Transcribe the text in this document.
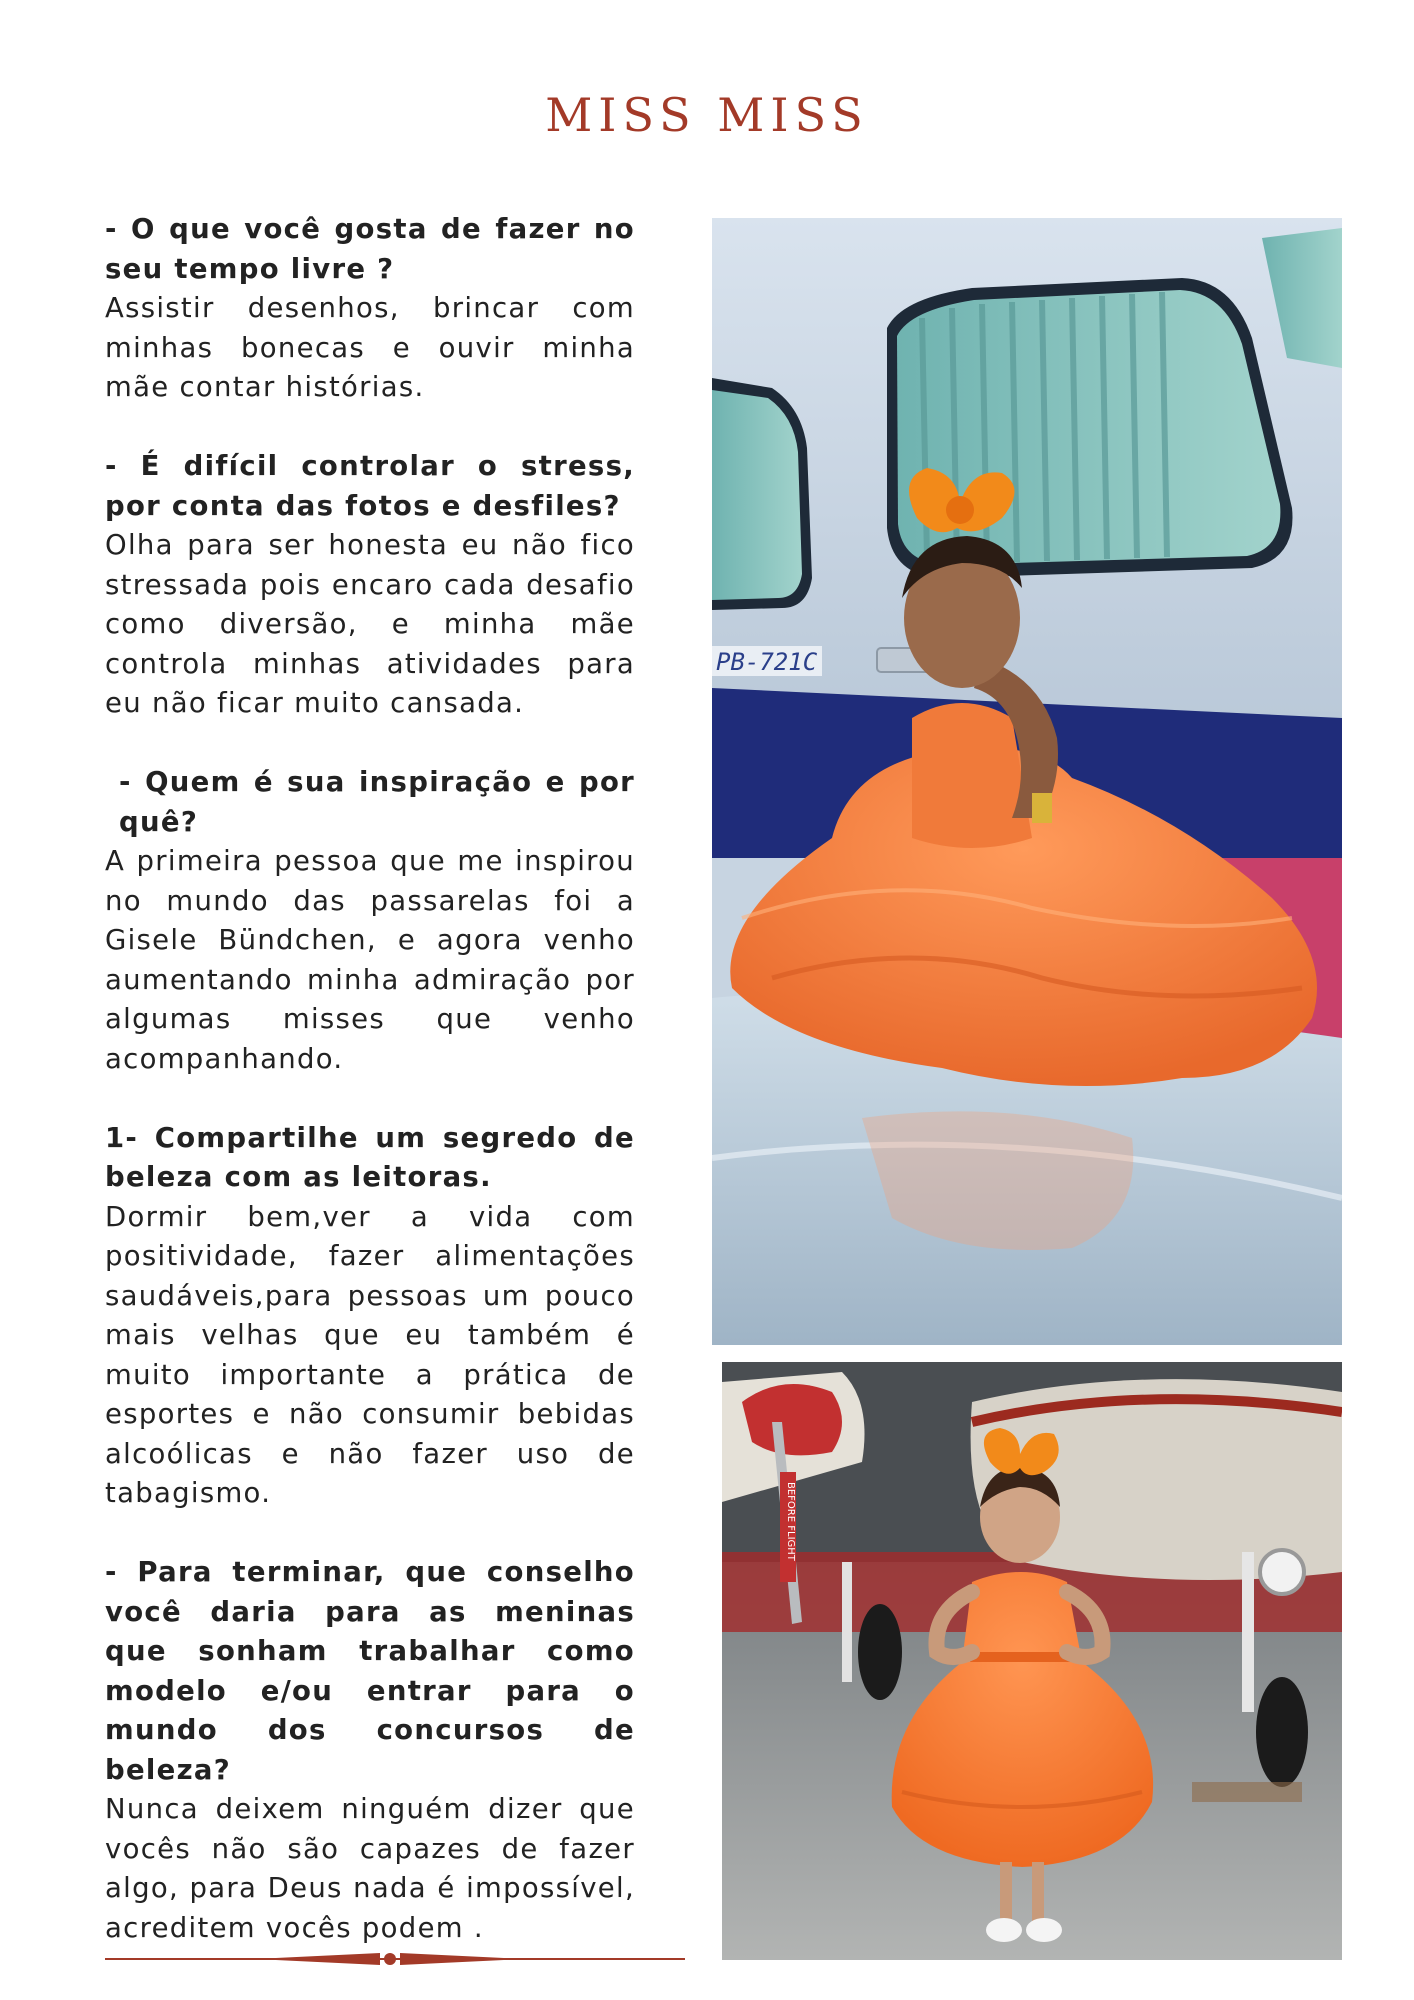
MISS MISS
- O que você gosta de fazer no seu tempo livre ?
Assistir desenhos, brincar com minhas bonecas e ouvir minha mãe contar histórias.
- É difícil controlar o stress, por conta das fotos e desfiles?
Olha para ser honesta eu não fico stressada pois encaro cada desafio como diversão, e minha mãe controla minhas atividades para eu não ficar muito cansada.
- Quem é sua inspiração e por quê?
A primeira pessoa que me inspirou no mundo das passarelas foi a Gisele Bündchen, e agora venho aumentando minha admiração por algumas misses que venho acompanhando.
1- Compartilhe um segredo de beleza com as leitoras.
Dormir bem,ver a vida com positividade, fazer alimentações saudáveis,para pessoas um pouco mais velhas que eu também é muito importante a prática de esportes e não consumir bebidas alcoólicas e não fazer uso de tabagismo.
- Para terminar, que conselho você daria para as meninas que sonham trabalhar como modelo e/ou entrar para o mundo dos concursos de beleza?
Nunca deixem ninguém dizer que vocês não são capazes de fazer algo, para Deus nada é impossível, acreditem vocês podem .
PB-721C
BEFORE FLIGHT
